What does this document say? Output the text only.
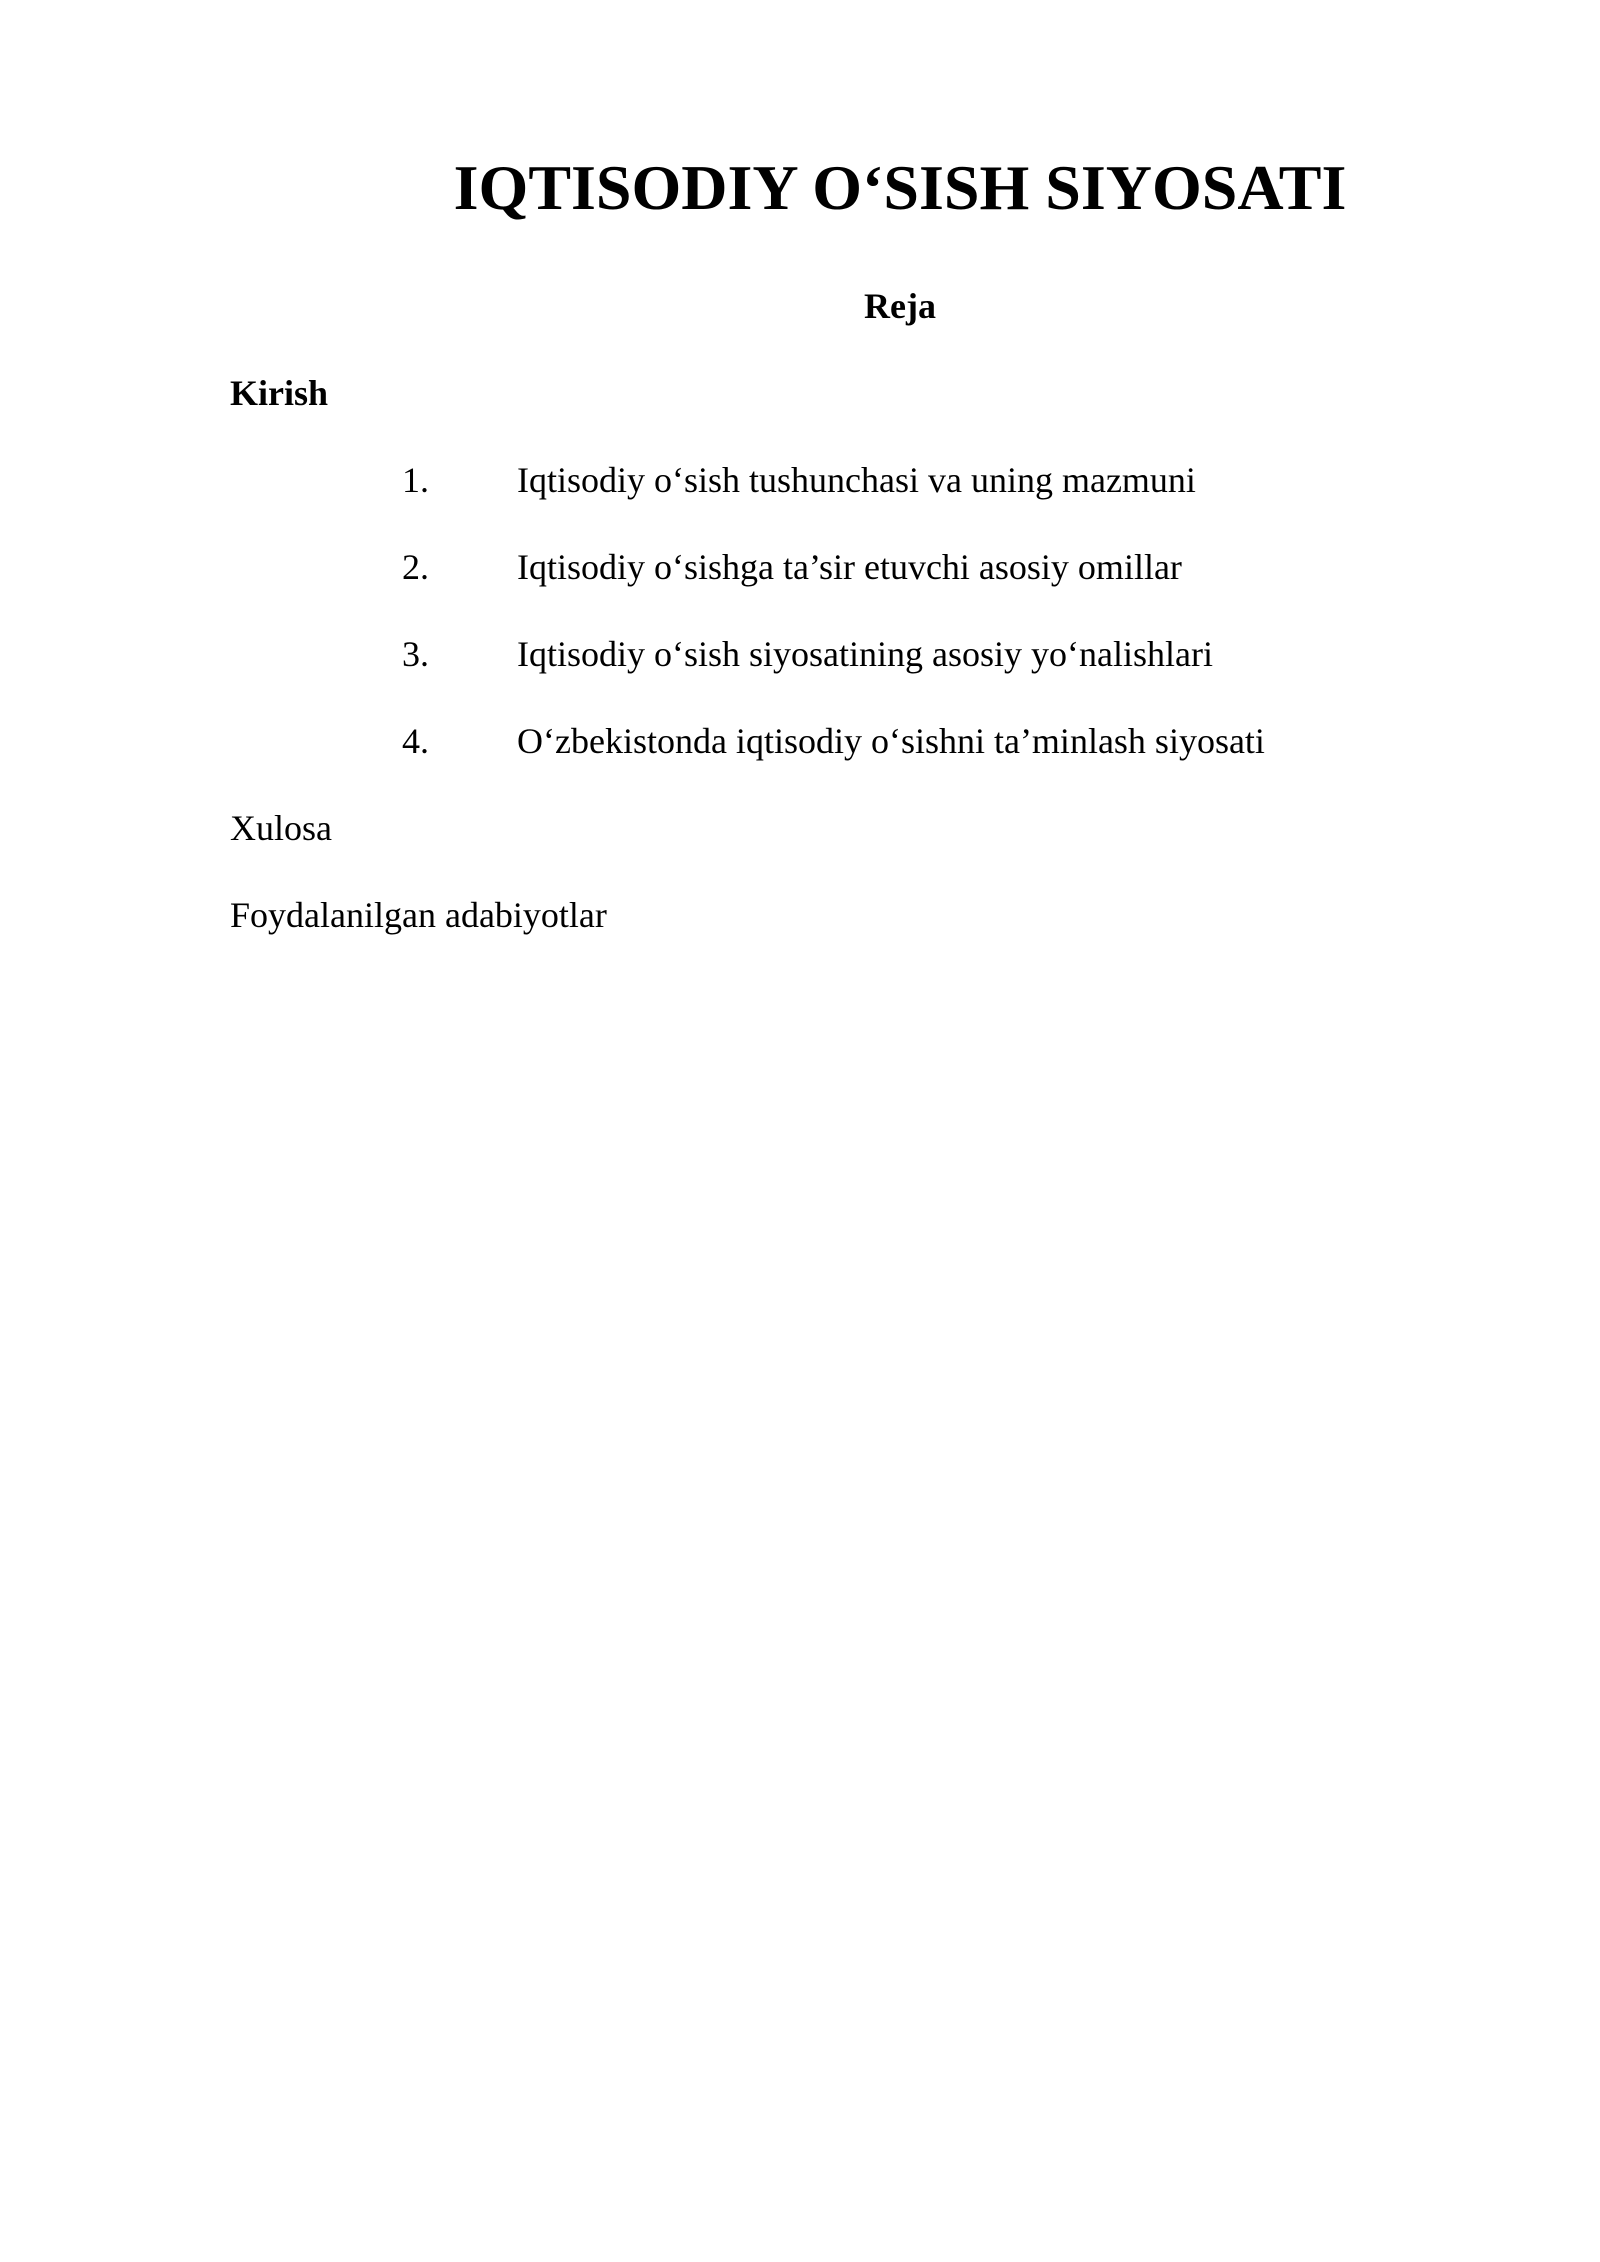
IQTISODIY O‘SISH SIYOSATI
Reja

Kirish

1. Iqtisodiy o‘sish tushunchasi va uning mazmuni
2. Iqtisodiy o‘sishga ta’sir etuvchi asosiy omillar
3. Iqtisodiy o‘sish siyosatining asosiy yo‘nalishlari
4. O‘zbekistonda iqtisodiy o‘sishni ta’minlash siyosati

Xulosa

Foydalanilgan adabiyotlar
